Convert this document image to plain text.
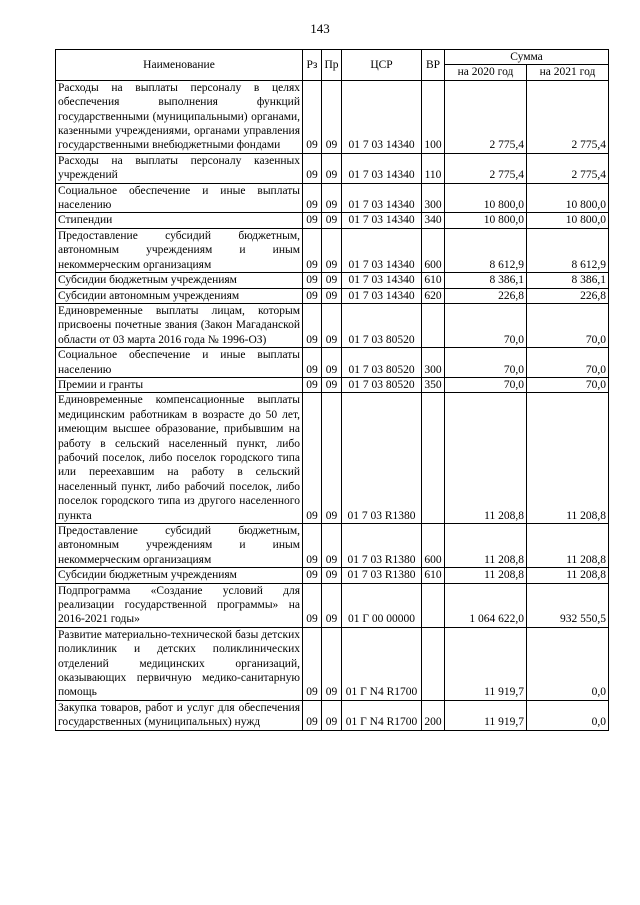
143
Наименование	Рз	Пр	ЦСР	ВР	Сумма	
					на 2020 год	на 2021 год
Расходы на выплаты персоналу в целях обеспечения выполнения функций государственными (муниципальными) органами, казенными учреждениями, органами управления государственными внебюджетными фондами	09	09	01 7 03 14340	100	2 775,4	2 775,4
Расходы на выплаты персоналу казенных учреждений	09	09	01 7 03 14340	110	2 775,4	2 775,4
Социальное обеспечение и иные выплаты населению	09	09	01 7 03 14340	300	10 800,0	10 800,0
Стипендии	09	09	01 7 03 14340	340	10 800,0	10 800,0
Предоставление субсидий бюджетным, автономным учреждениям и иным некоммерческим организациям	09	09	01 7 03 14340	600	8 612,9	8 612,9
Субсидии бюджетным учреждениям	09	09	01 7 03 14340	610	8 386,1	8 386,1
Субсидии автономным учреждениям	09	09	01 7 03 14340	620	226,8	226,8
Единовременные выплаты лицам, которым присвоены почетные звания (Закон Магаданской области от 03 марта 2016 года № 1996-ОЗ)	09	09	01 7 03 80520		70,0	70,0
Социальное обеспечение и иные выплаты населению	09	09	01 7 03 80520	300	70,0	70,0
Премии и гранты	09	09	01 7 03 80520	350	70,0	70,0
Единовременные компенсационные выплаты медицинским работникам в возрасте до 50 лет, имеющим высшее образование, прибывшим на работу в сельский населенный пункт, либо рабочий поселок, либо поселок городского типа или переехавшим на работу в сельский населенный пункт, либо рабочий поселок, либо поселок городского типа из другого населенного пункта	09	09	01 7 03 R1380		11 208,8	11 208,8
Предоставление субсидий бюджетным, автономным учреждениям и иным некоммерческим организациям	09	09	01 7 03 R1380	600	11 208,8	11 208,8
Субсидии бюджетным учреждениям	09	09	01 7 03 R1380	610	11 208,8	11 208,8
Подпрограмма «Создание условий для реализации государственной программы» на 2016-2021 годы»	09	09	01 Г 00 00000		1 064 622,0	932 550,5
Развитие материально-технической базы детских поликлиник и детских поликлинических отделений медицинских организаций, оказывающих первичную медико-санитарную помощь	09	09	01 Г N4 R1700		11 919,7	0,0
Закупка товаров, работ и услуг для обеспечения государственных (муниципальных) нужд	09	09	01 Г N4 R1700	200	11 919,7	0,0
